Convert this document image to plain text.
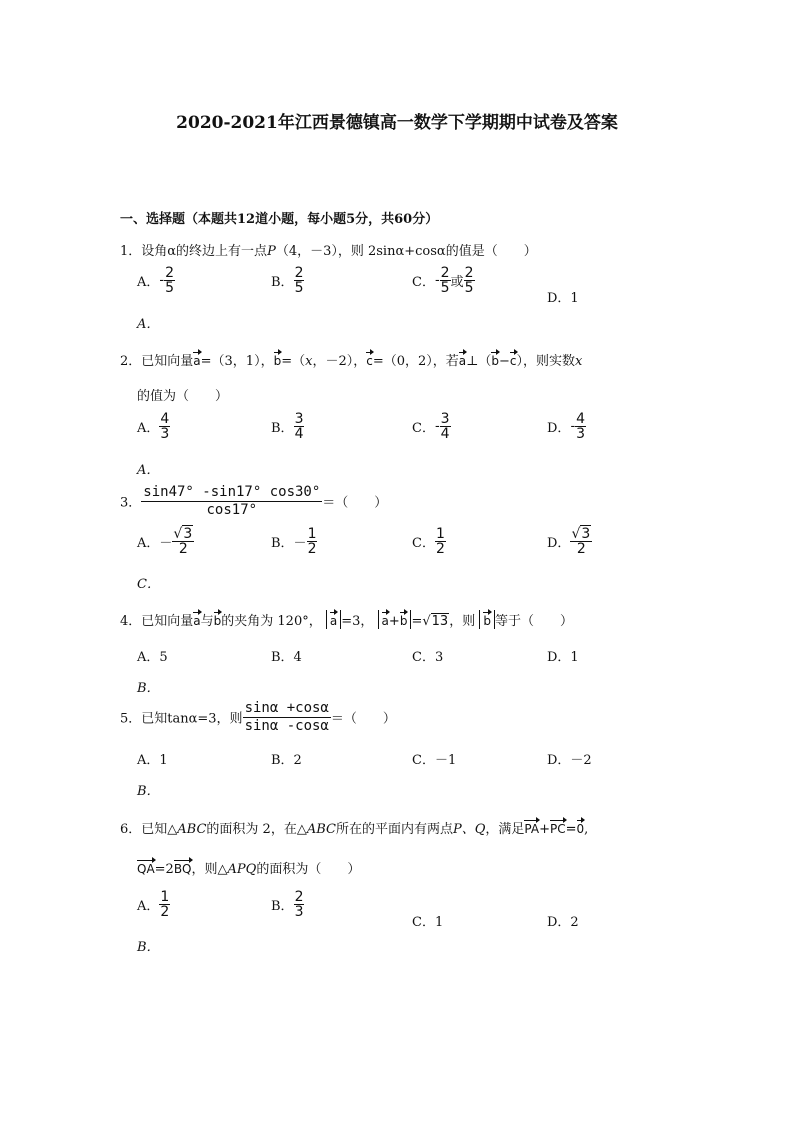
2020-2021年江西景德镇高一数学下学期期中试卷及答案
一、选择题（本题共12道小题，每小题5分，共60分）
1．设角α的终边上有一点P（4，－3），则 2sinα+cosα的值是（　　）
A．- $\frac{2}{5}$	B． $\frac{2}{5}$	C．- $\frac{2}{5}$ 或 $\frac{2}{5}$
D．1
A．
2．已知向量a=（3，1），b=（x，－2），c=（0，2），若a⊥（b−c），则实数x
的值为（　　）
A． $\frac{4}{3}$	B． $\frac{3}{4}$	C．- $\frac{3}{4}$	D．- $\frac{4}{3}$
A．
3． $\frac{\sin 47^\circ -\sin 17^\circ \cos 30^\circ}{\cos 17^\circ}$ ＝（　　）
A．－ $\frac{√3}{2}$	B．－ $\frac{1}{2}$	C． $\frac{1}{2}$	D． $\frac{√3}{2}$
C．
4．已知向量a与b的夹角为 120°， a =3， a+b =√13，则 b 等于（　　）
A．5	B．4	C．3	D．1
B．
5．已知tanα=3，则 $\frac{\sin\alpha +\cos\alpha}{\sin\alpha -\cos\alpha}$ ＝（　　）
A．1	B．2	C．－1	D．－2
B．
6．已知△ABC的面积为 2，在△ABC所在的平面内有两点P、Q，满足PA+PC=0,
QA=2BQ，则△APQ的面积为（　　）
A． $\frac{1}{2}$	B． $\frac{2}{3}$
C．1	D．2
B．
